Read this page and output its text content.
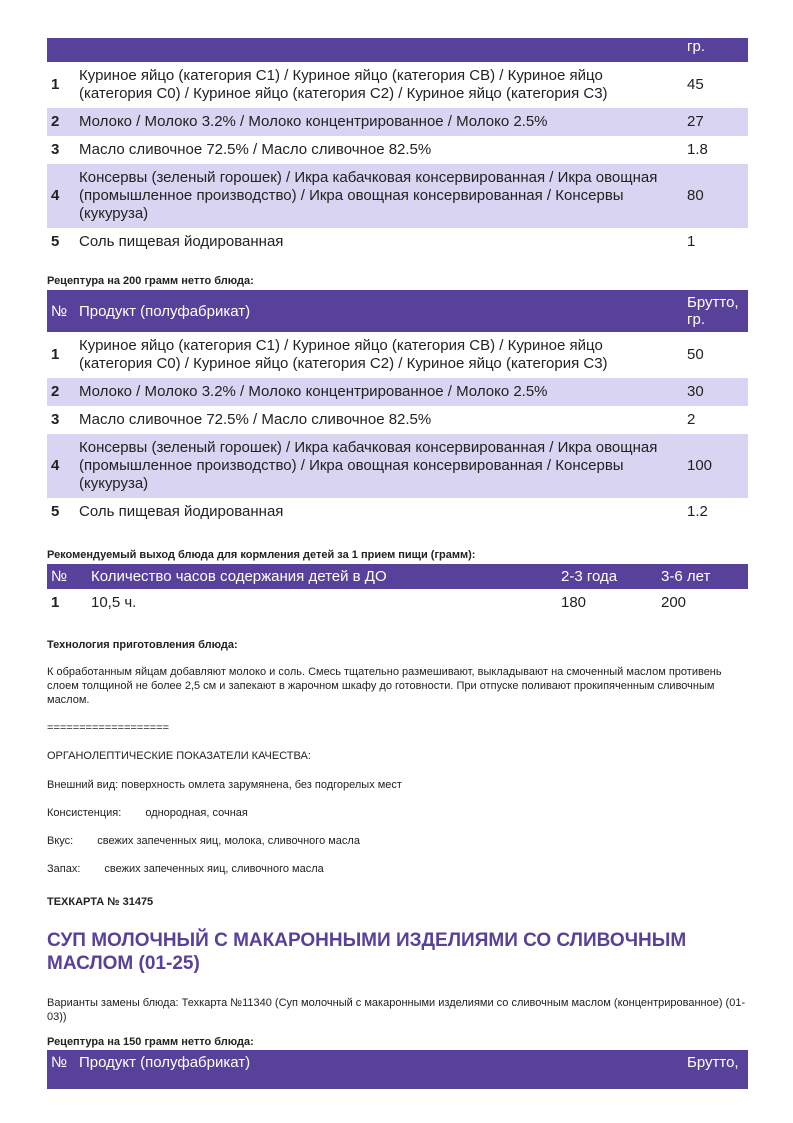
		гр.
1	Куриное яйцо (категория С1) / Куриное яйцо (категория СВ) / Куриное яйцо (категория С0) / Куриное яйцо (категория С2) / Куриное яйцо (категория С3)	45
2	Молоко / Молоко 3.2% / Молоко концентрированное / Молоко 2.5%	27
3	Масло сливочное 72.5% / Масло сливочное 82.5%	1.8
4	Консервы (зеленый горошек) / Икра кабачковая консервированная / Икра овощная (промышленное производство) / Икра овощная консервированная / Консервы (кукуруза)	80
5	Соль пищевая йодированная	1

Рецептура на 200 грамм нетто блюда:

№	Продукт (полуфабрикат)	Брутто, гр.
1	Куриное яйцо (категория С1) / Куриное яйцо (категория СВ) / Куриное яйцо (категория С0) / Куриное яйцо (категория С2) / Куриное яйцо (категория С3)	50
2	Молоко / Молоко 3.2% / Молоко концентрированное / Молоко 2.5%	30
3	Масло сливочное 72.5% / Масло сливочное 82.5%	2
4	Консервы (зеленый горошек) / Икра кабачковая консервированная / Икра овощная (промышленное производство) / Икра овощная консервированная / Консервы (кукуруза)	100
5	Соль пищевая йодированная	1.2

Рекомендуемый выход блюда для кормления детей за 1 прием пищи (грамм):

№	Количество часов содержания детей в ДО	2-3 года	3-6 лет
1	10,5 ч.	180	200

Технология приготовления блюда:

К обработанным яйцам добавляют молоко и соль. Смесь тщательно размешивают, выкладывают на смоченный маслом противень слоем толщиной не более 2,5 см и запекают в жарочном шкафу до готовности. При отпуске поливают прокипяченным сливочным маслом.

===================

ОРГАНОЛЕПТИЧЕСКИЕ ПОКАЗАТЕЛИ КАЧЕСТВА:

Внешний вид: поверхность омлета зарумянена, без подгорелых мест

Консистенция: однородная, сочная

Вкус: свежих запеченных яиц, молока, сливочного масла

Запах: свежих запеченных яиц, сливочного масла

ТЕХКАРТА № 31475

СУП МОЛОЧНЫЙ С МАКАРОННЫМИ ИЗДЕЛИЯМИ СО СЛИВОЧНЫМ МАСЛОМ (01-25)

Варианты замены блюда: Техкарта №11340 (Суп молочный с макаронными изделиями со сливочным маслом (концентрированное) (01-03))

Рецептура на 150 грамм нетто блюда:

№	Продукт (полуфабрикат)	Брутто,
